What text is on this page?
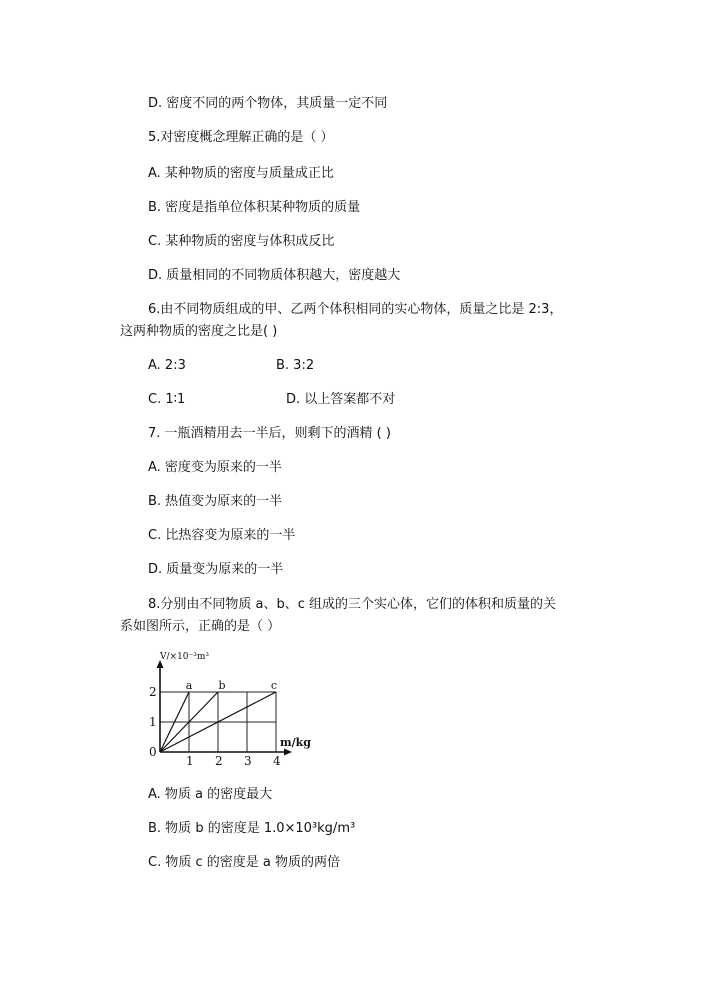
D. 密度不同的两个物体，其质量一定不同
5.对密度概念理解正确的是（ ）
A. 某种物质的密度与质量成正比
B. 密度是指单位体积某种物质的质量
C. 某种物质的密度与体积成反比
D. 质量相同的不同物质体积越大，密度越大
6.由不同物质组成的甲、乙两个体积相同的实心物体，质量之比是 2:3，
这两种物质的密度之比是( )
A. 2:3	B. 3:2
C. 1∶1	D. 以上答案都不对
7. 一瓶酒精用去一半后，则剩下的酒精 ( )
A. 密度变为原来的一半
B. 热值变为原来的一半
C. 比热容变为原来的一半
D. 质量变为原来的一半
8.分别由不同物质 a、b、c 组成的三个实心体，它们的体积和质量的关
系如图所示，正确的是（ ）
V/×10⁻³m³
m/kg
0
1
2
1 2 3 4
a b	c
A. 物质 a 的密度最大
B. 物质 b 的密度是 1.0×10³kg/m³
C. 物质 c 的密度是 a 物质的两倍
